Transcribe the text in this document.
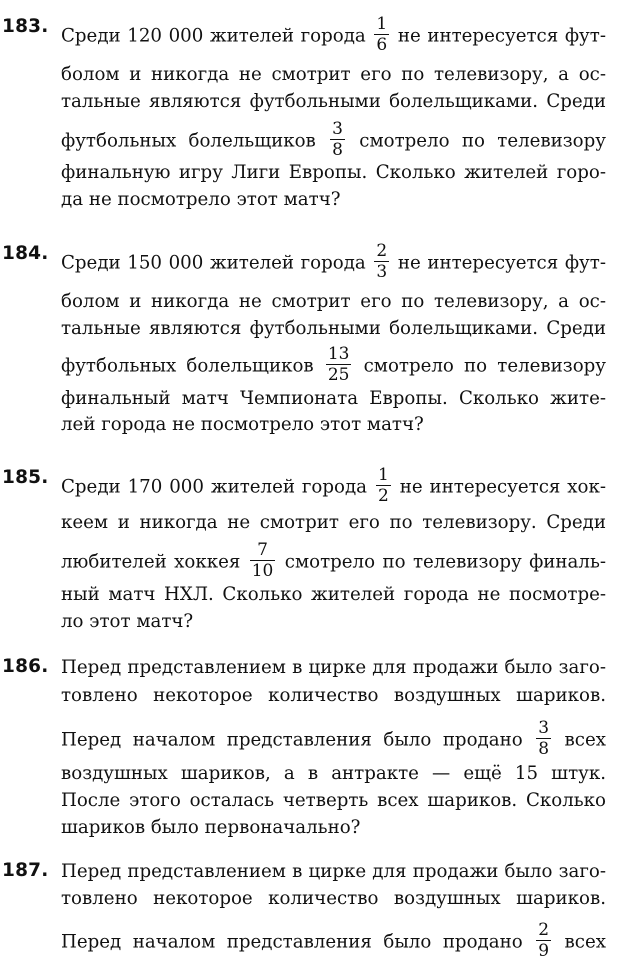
183. Среди 120 000 жителей города $\frac{1}{6}$ не интересуется фут-
болом и никогда не смотрит его по телевизору, а ос-
тальные являются футбольными болельщиками. Среди
футбольных болельщиков $\frac{3}{8}$ смотрело по телевизору
финальную игру Лиги Европы. Сколько жителей горо-
да не посмотрело этот матч?
184. Среди 150 000 жителей города $\frac{2}{3}$ не интересуется фут-
болом и никогда не смотрит его по телевизору, а ос-
тальные являются футбольными болельщиками. Среди
футбольных болельщиков $\frac{13}{25}$ смотрело по телевизору
финальный матч Чемпионата Европы. Сколько жите-
лей города не посмотрело этот матч?
185. Среди 170 000 жителей города $\frac{1}{2}$ не интересуется хок-
кеем и никогда не смотрит его по телевизору. Среди
любителей хоккея $\frac{7}{10}$ смотрело по телевизору финаль-
ный матч НХЛ. Сколько жителей города не посмотре-
ло этот матч?
186. Перед представлением в цирке для продажи было загo-
товлено некоторое количество воздушных шариков.
Перед началом представления было продано $\frac{3}{8}$ всех
воздушных шариков, а в антракте — ещё 15 штук.
После этого осталась четверть всех шариков. Сколько
шариков было первоначально?
187. Перед представлением в цирке для продажи было загo-
товлено некоторое количество воздушных шариков.
Перед началом представления было продано $\frac{2}{9}$ всех
